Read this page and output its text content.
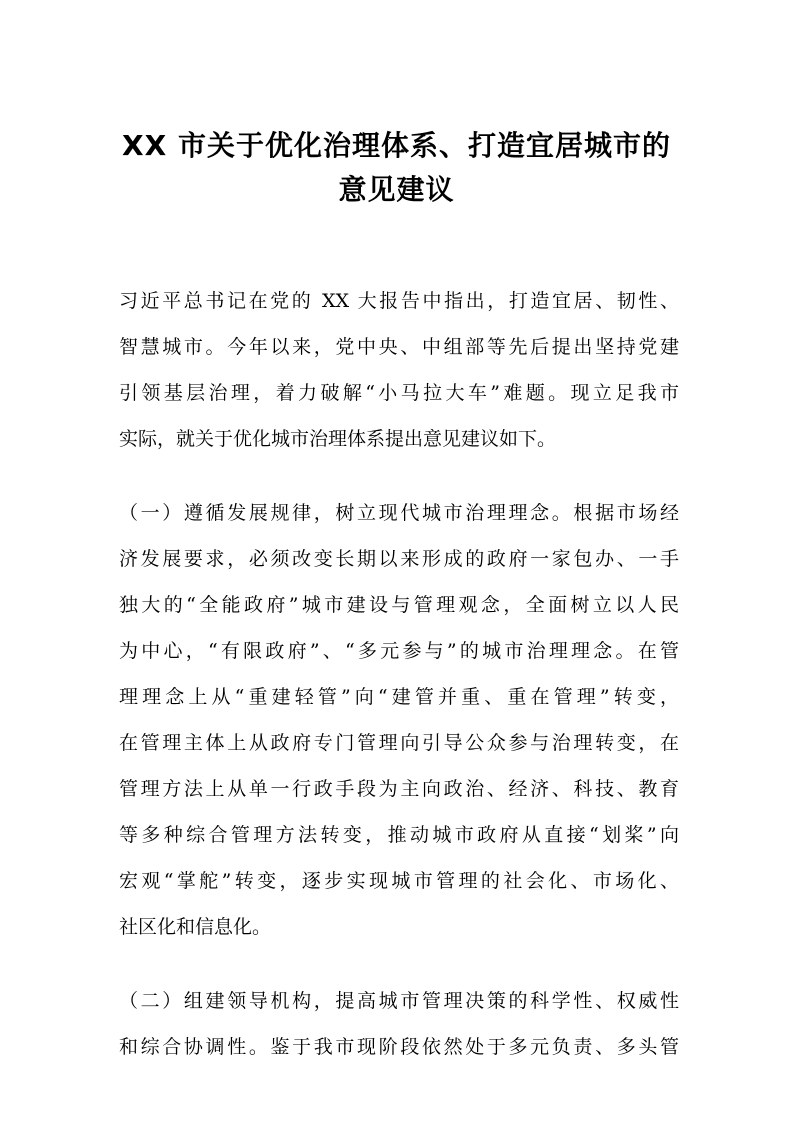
XX 市关于优化治理体系、打造宜居城市的
意见建议
习近平总书记在党的 XX 大报告中指出，打造宜居、韧性、
智慧城市。今年以来，党中央、中组部等先后提出坚持党建
引领基层治理，着力破解“小马拉大车”难题。现立足我市
实际，就关于优化城市治理体系提出意见建议如下。
（一）遵循发展规律，树立现代城市治理理念。根据市场经
济发展要求，必须改变长期以来形成的政府一家包办、一手
独大的“全能政府”城市建设与管理观念，全面树立以人民
为中心，“有限政府”、“多元参与”的城市治理理念。在管
理理念上从“重建轻管”向“建管并重、重在管理”转变，
在管理主体上从政府专门管理向引导公众参与治理转变，在
管理方法上从单一行政手段为主向政治、经济、科技、教育
等多种综合管理方法转变，推动城市政府从直接“划桨”向
宏观“掌舵”转变，逐步实现城市管理的社会化、市场化、
社区化和信息化。
（二）组建领导机构，提高城市管理决策的科学性、权威性
和综合协调性。鉴于我市现阶段依然处于多元负责、多头管
